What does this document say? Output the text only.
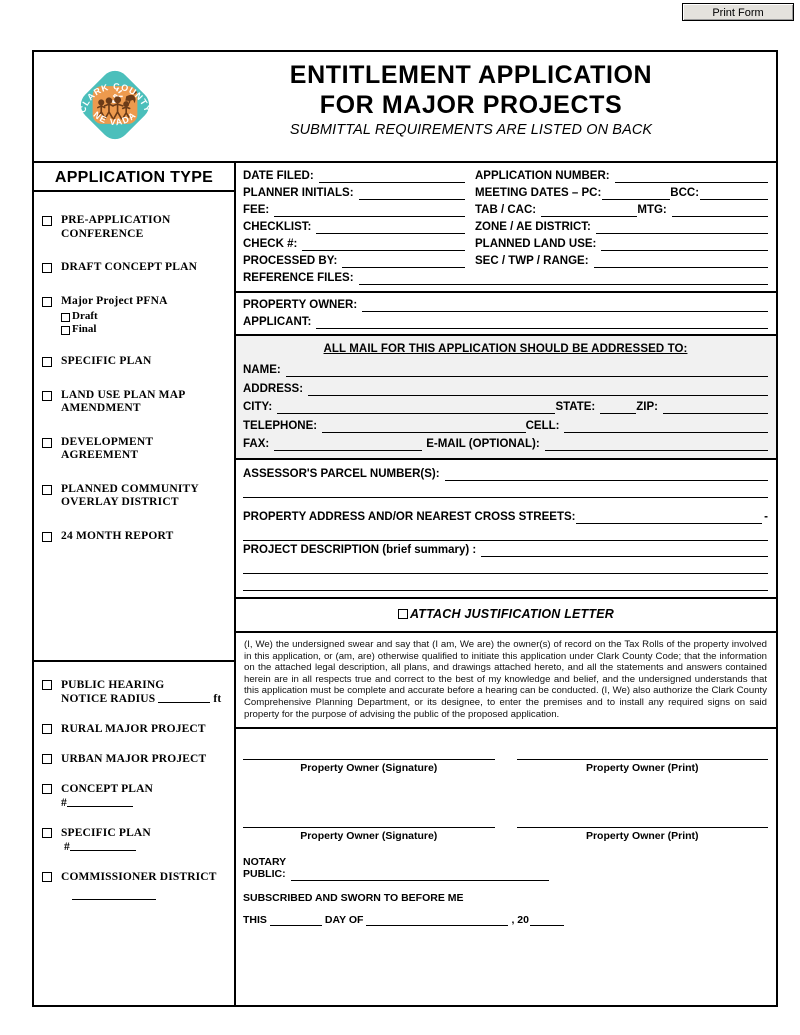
Print Form
CLARK COUNTY
NE VADA
ENTITLEMENT APPLICATION
FOR MAJOR PROJECTS
SUBMITTAL REQUIREMENTS ARE LISTED ON BACK
APPLICATION TYPE
PRE-APPLICATION CONFERENCE
DRAFT CONCEPT PLAN
Major Project PFNA
Draft
Final
SPECIFIC PLAN
LAND USE PLAN MAP AMENDMENT
DEVELOPMENT AGREEMENT
PLANNED COMMUNITY OVERLAY DISTRICT
24 MONTH REPORT
PUBLIC HEARING
NOTICE RADIUS	ft
RURAL MAJOR PROJECT
URBAN MAJOR PROJECT
CONCEPT PLAN
#
SPECIFIC PLAN
#
COMMISSIONER DISTRICT
DATE FILED:	APPLICATION NUMBER:
PLANNER INITIALS:	MEETING DATES – PC:	BCC:
FEE:	TAB / CAC:	MTG:
CHECKLIST:	ZONE / AE DISTRICT:
CHECK #:	PLANNED LAND USE:
PROCESSED BY:	SEC / TWP / RANGE:
REFERENCE FILES:
PROPERTY OWNER:
APPLICANT:
ALL MAIL FOR THIS APPLICATION SHOULD BE ADDRESSED TO:
NAME:
ADDRESS:
CITY:	STATE:	ZIP:
TELEPHONE:	CELL:
FAX:	E-MAIL (OPTIONAL):
ASSESSOR'S PARCEL NUMBER(S):
PROPERTY ADDRESS AND/OR NEAREST CROSS STREETS:	-
PROJECT DESCRIPTION (brief summary) :
ATTACH JUSTIFICATION LETTER
(I, We) the undersigned swear and say that (I am, We are) the owner(s) of record on the Tax Rolls of the property involved in this application, or (am, are) otherwise qualified to initiate this application under Clark County Code; that the information on the attached legal description, all plans, and drawings attached hereto, and all the statements and answers contained herein are in all respects true and correct to the best of my knowledge and belief, and the undersigned understands that this application must be complete and accurate before a hearing can be conducted. (I, We) also authorize the Clark County Comprehensive Planning Department, or its designee, to enter the premises and to install any required signs on said property for the purpose of advising the public of the proposed application.
Property Owner (Signature)	Property Owner (Print)
Property Owner (Signature)	Property Owner (Print)
NOTARY
PUBLIC:
SUBSCRIBED AND SWORN TO BEFORE ME
THIS	DAY OF	, 20
